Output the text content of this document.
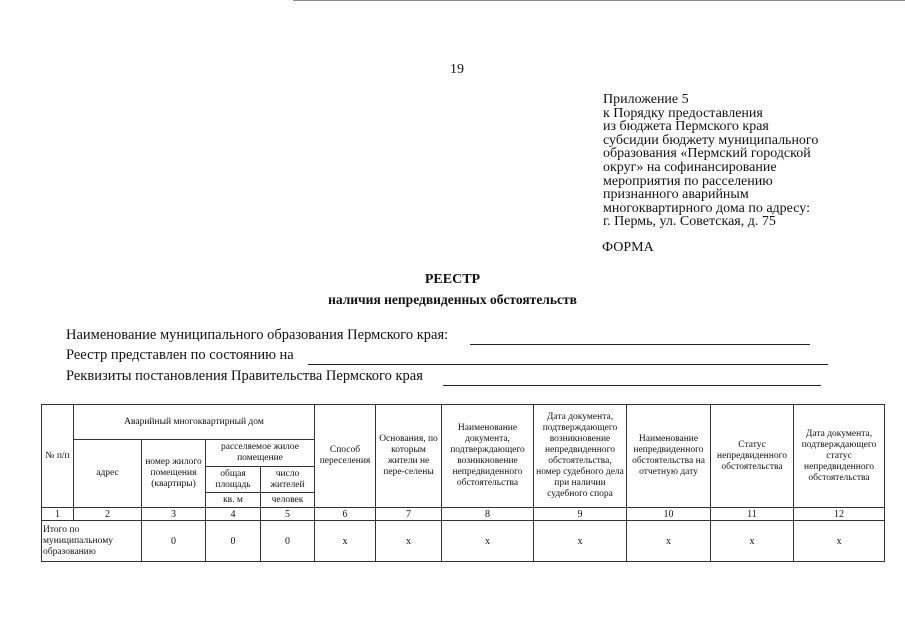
19
Приложение 5
к Порядку предоставления
из бюджета Пермского края
субсидии бюджету муниципального
образования «Пермский городской
округ» на софинансирование
мероприятия по расселению
признанного аварийным
многоквартирного дома по адресу:
г. Пермь, ул. Советская, д. 75
ФОРМА
РЕЕСТР
наличия непредвиденных обстоятельств
Наименование муниципального образования Пермского края:
Реестр представлен по состоянию на
Реквизиты постановления Правительства Пермского края
№ п/п	Аварийный многоквартирный дом				Способ переселения	Основания, по которым жители не пере-селены	Наименование документа, подтверждающего возникновение непредвиденного обстоятельства	Дата документа, подтверждающего возникновение непредвиденного обстоятельства, номер судебного дела при наличии судебного спора	Наименование непредвиденного обстоятельства на отчетную дату	Статус непредвиденного обстоятельства	Дата документа, подтверждающего статус непредвиденного обстоятельства
	адрес	номер жилого помещения (квартиры)	расселяемое жилое помещение								
			общая площадь	число жителей							
			кв. м	человек							
1	2	3	4	5	6	7	8	9	10	11	12
Итого по муниципальному образованию		0	0	0	x	x	x	x	x	x	x
